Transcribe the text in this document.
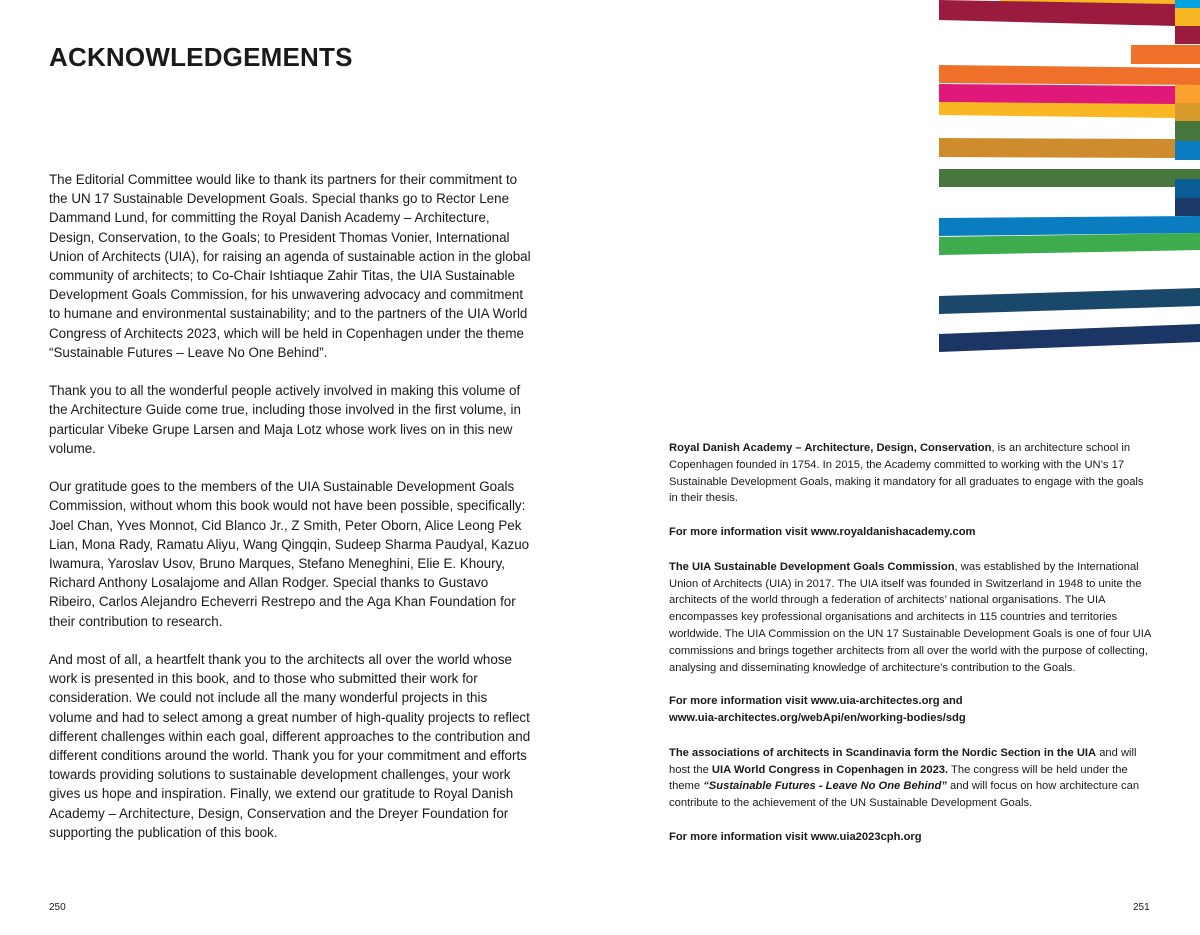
ACKNOWLEDGEMENTS

The Editorial Committee would like to thank its partners for their commitment to the UN 17 Sustainable Development Goals. Special thanks go to Rector Lene Dammand Lund, for committing the Royal Danish Academy – Architecture, Design, Conservation, to the Goals; to President Thomas Vonier, International Union of Architects (UIA), for raising an agenda of sustainable action in the global community of architects; to Co-Chair Ishtiaque Zahir Titas, the UIA Sustainable Development Goals Commission, for his unwavering advocacy and commitment to humane and environmental sustainability; and to the partners of the UIA World Congress of Architects 2023, which will be held in Copenhagen under the theme “Sustainable Futures – Leave No One Behind”.

Thank you to all the wonderful people actively involved in making this volume of the Architecture Guide come true, including those involved in the first volume, in particular Vibeke Grupe Larsen and Maja Lotz whose work lives on in this new volume.

Our gratitude goes to the members of the UIA Sustainable Development Goals Commission, without whom this book would not have been possible, specifically: Joel Chan, Yves Monnot, Cid Blanco Jr., Z Smith, Peter Oborn, Alice Leong Pek Lian, Mona Rady, Ramatu Aliyu, Wang Qingqin, Sudeep Sharma Paudyal, Kazuo Iwamura, Yaroslav Usov, Bruno Marques, Stefano Meneghini, Elie E. Khoury, Richard Anthony Losalajome and Allan Rodger. Special thanks to Gustavo Ribeiro, Carlos Alejandro Echeverri Restrepo and the Aga Khan Foundation for their contribution to research.

And most of all, a heartfelt thank you to the architects all over the world whose work is presented in this book, and to those who submitted their work for consideration. We could not include all the many wonderful projects in this volume and had to select among a great number of high-quality projects to reflect different challenges within each goal, different approaches to the contribution and different conditions around the world. Thank you for your commitment and efforts towards providing solutions to sustainable development challenges, your work gives us hope and inspiration. Finally, we extend our gratitude to Royal Danish Academy – Architecture, Design, Conservation and the Dreyer Foundation for supporting the publication of this book.

Royal Danish Academy – Architecture, Design, Conservation, is an architecture school in Copenhagen founded in 1754. In 2015, the Academy committed to working with the UN’s 17 Sustainable Development Goals, making it mandatory for all graduates to engage with the goals in their thesis.

For more information visit www.royaldanishacademy.com

The UIA Sustainable Development Goals Commission, was established by the International Union of Architects (UIA) in 2017. The UIA itself was founded in Switzerland in 1948 to unite the architects of the world through a federation of architects’ national organisations. The UIA encompasses key professional organisations and architects in 115 countries and territories worldwide. The UIA Commission on the UN 17 Sustainable Development Goals is one of four UIA commissions and brings together architects from all over the world with the purpose of collecting, analysing and disseminating knowledge of architecture’s contribution to the Goals.

For more information visit www.uia-architectes.org and
www.uia-architectes.org/webApi/en/working-bodies/sdg

The associations of architects in Scandinavia form the Nordic Section in the UIA and will host the UIA World Congress in Copenhagen in 2023. The congress will be held under the theme “Sustainable Futures - Leave No One Behind” and will focus on how architecture can contribute to the achievement of the UN Sustainable Development Goals.

For more information visit www.uia2023cph.org

250	251
